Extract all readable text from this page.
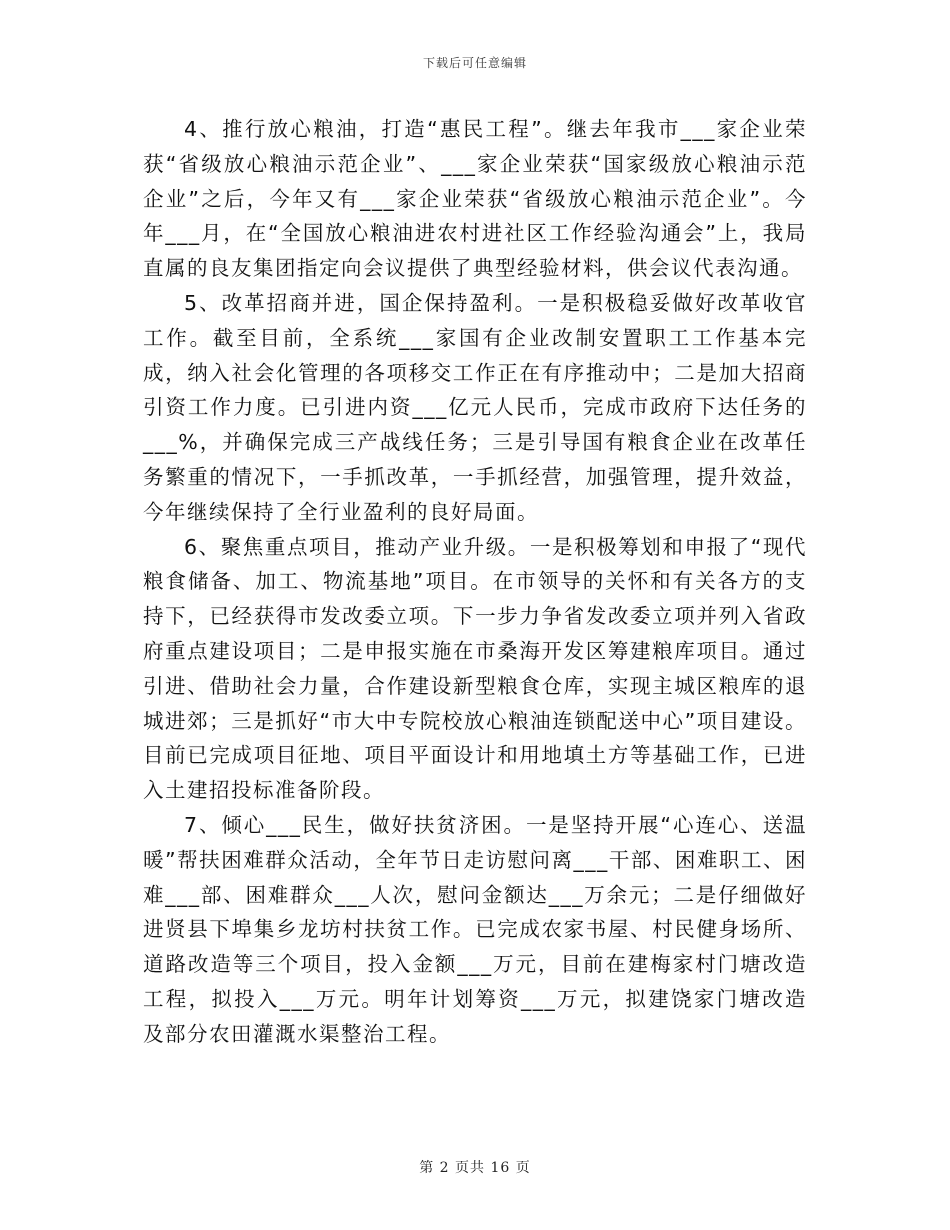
下载后可任意编辑

4、推行放心粮油，打造“惠民工程”。继去年我市___家企业荣获“省级放心粮油示范企业”、___家企业荣获“国家级放心粮油示范企业”之后，今年又有___家企业荣获“省级放心粮油示范企业”。今年___月，在“全国放心粮油进农村进社区工作经验沟通会”上，我局直属的良友集团指定向会议提供了典型经验材料，供会议代表沟通。

5、改革招商并进，国企保持盈利。一是积极稳妥做好改革收官工作。截至目前，全系统___家国有企业改制安置职工工作基本完成，纳入社会化管理的各项移交工作正在有序推动中；二是加大招商引资工作力度。已引进内资___亿元人民币，完成市政府下达任务的___%，并确保完成三产战线任务；三是引导国有粮食企业在改革任务繁重的情况下，一手抓改革，一手抓经营，加强管理，提升效益，今年继续保持了全行业盈利的良好局面。

6、聚焦重点项目，推动产业升级。一是积极筹划和申报了“现代粮食储备、加工、物流基地”项目。在市领导的关怀和有关各方的支持下，已经获得市发改委立项。下一步力争省发改委立项并列入省政府重点建设项目；二是申报实施在市桑海开发区筹建粮库项目。通过引进、借助社会力量，合作建设新型粮食仓库，实现主城区粮库的退城进郊；三是抓好“市大中专院校放心粮油连锁配送中心”项目建设。目前已完成项目征地、项目平面设计和用地填土方等基础工作，已进入土建招投标准备阶段。

7、倾心___民生，做好扶贫济困。一是坚持开展“心连心、送温暖”帮扶困难群众活动，全年节日走访慰问离___干部、困难职工、困难___部、困难群众___人次，慰问金额达___万余元；二是仔细做好进贤县下埠集乡龙坊村扶贫工作。已完成农家书屋、村民健身场所、道路改造等三个项目，投入金额___万元，目前在建梅家村门塘改造工程，拟投入___万元。明年计划筹资___万元，拟建饶家门塘改造及部分农田灌溉水渠整治工程。

第 2 页共 16 页
